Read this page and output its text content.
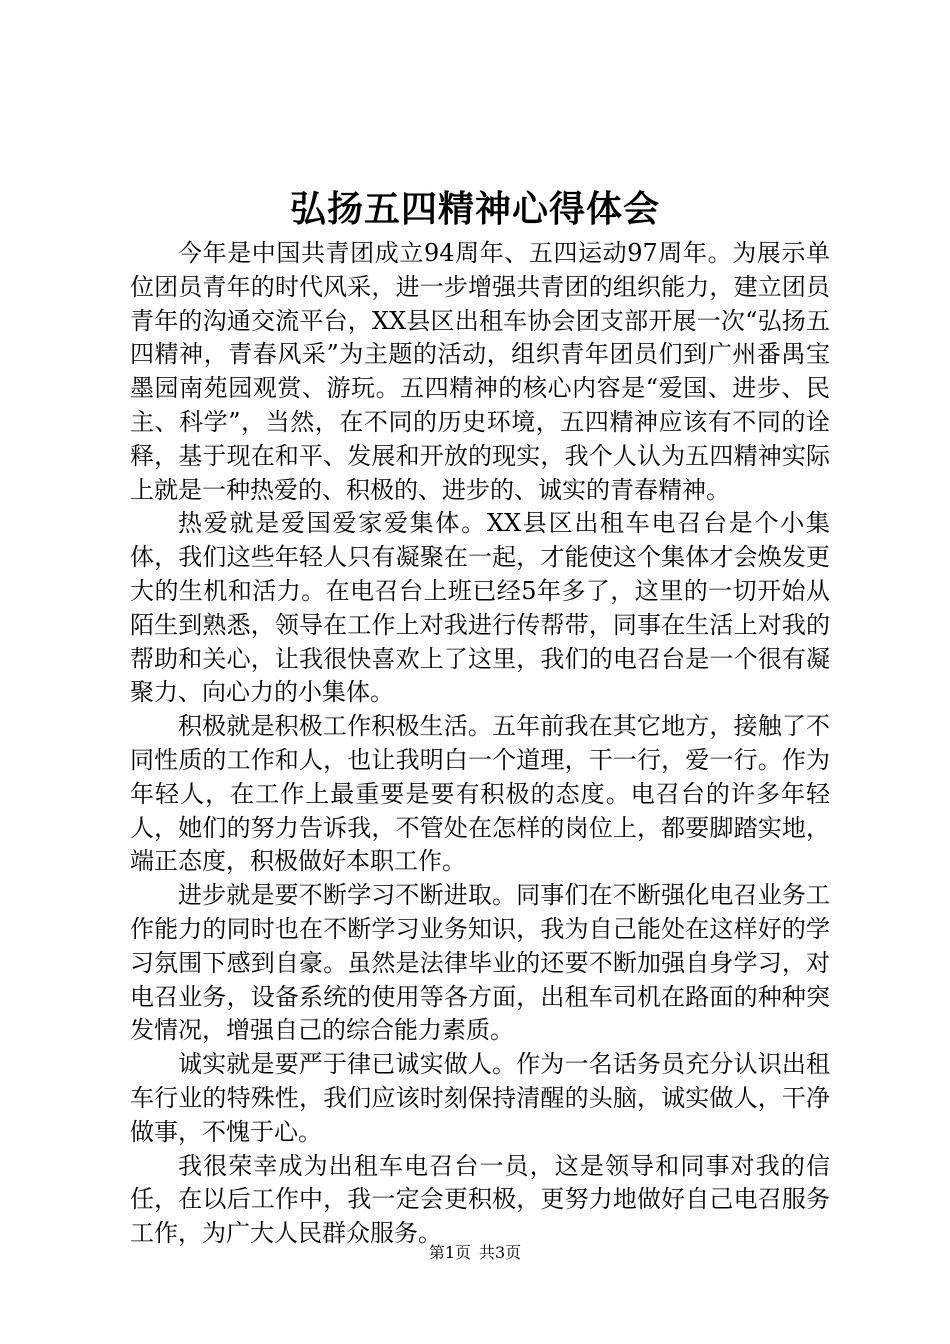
弘扬五四精神心得体会

今年是中国共青团成立94周年、五四运动97周年。为展示单位团员青年的时代风采，进一步增强共青团的组织能力，建立团员青年的沟通交流平台，XX县区出租车协会团支部开展一次“弘扬五四精神，青春风采”为主题的活动，组织青年团员们到广州番禺宝墨园南苑园观赏、游玩。五四精神的核心内容是“爱国、进步、民主、科学”，当然，在不同的历史环境，五四精神应该有不同的诠释，基于现在和平、发展和开放的现实，我个人认为五四精神实际上就是一种热爱的、积极的、进步的、诚实的青春精神。

热爱就是爱国爱家爱集体。XX县区出租车电召台是个小集体，我们这些年轻人只有凝聚在一起，才能使这个集体才会焕发更大的生机和活力。在电召台上班已经5年多了，这里的一切开始从陌生到熟悉，领导在工作上对我进行传帮带，同事在生活上对我的帮助和关心，让我很快喜欢上了这里，我们的电召台是一个很有凝聚力、向心力的小集体。

积极就是积极工作积极生活。五年前我在其它地方，接触了不同性质的工作和人，也让我明白一个道理，干一行，爱一行。作为年轻人，在工作上最重要是要有积极的态度。电召台的许多年轻人，她们的努力告诉我，不管处在怎样的岗位上，都要脚踏实地，端正态度，积极做好本职工作。

进步就是要不断学习不断进取。同事们在不断强化电召业务工作能力的同时也在不断学习业务知识，我为自己能处在这样好的学习氛围下感到自豪。虽然是法律毕业的还要不断加强自身学习，对电召业务，设备系统的使用等各方面，出租车司机在路面的种种突发情况，增强自己的综合能力素质。

诚实就是要严于律已诚实做人。作为一名话务员充分认识出租车行业的特殊性，我们应该时刻保持清醒的头脑，诚实做人，干净做事，不愧于心。

我很荣幸成为出租车电召台一员，这是领导和同事对我的信任，在以后工作中，我一定会更积极，更努力地做好自己电召服务工作，为广大人民群众服务。

第1页 共3页
